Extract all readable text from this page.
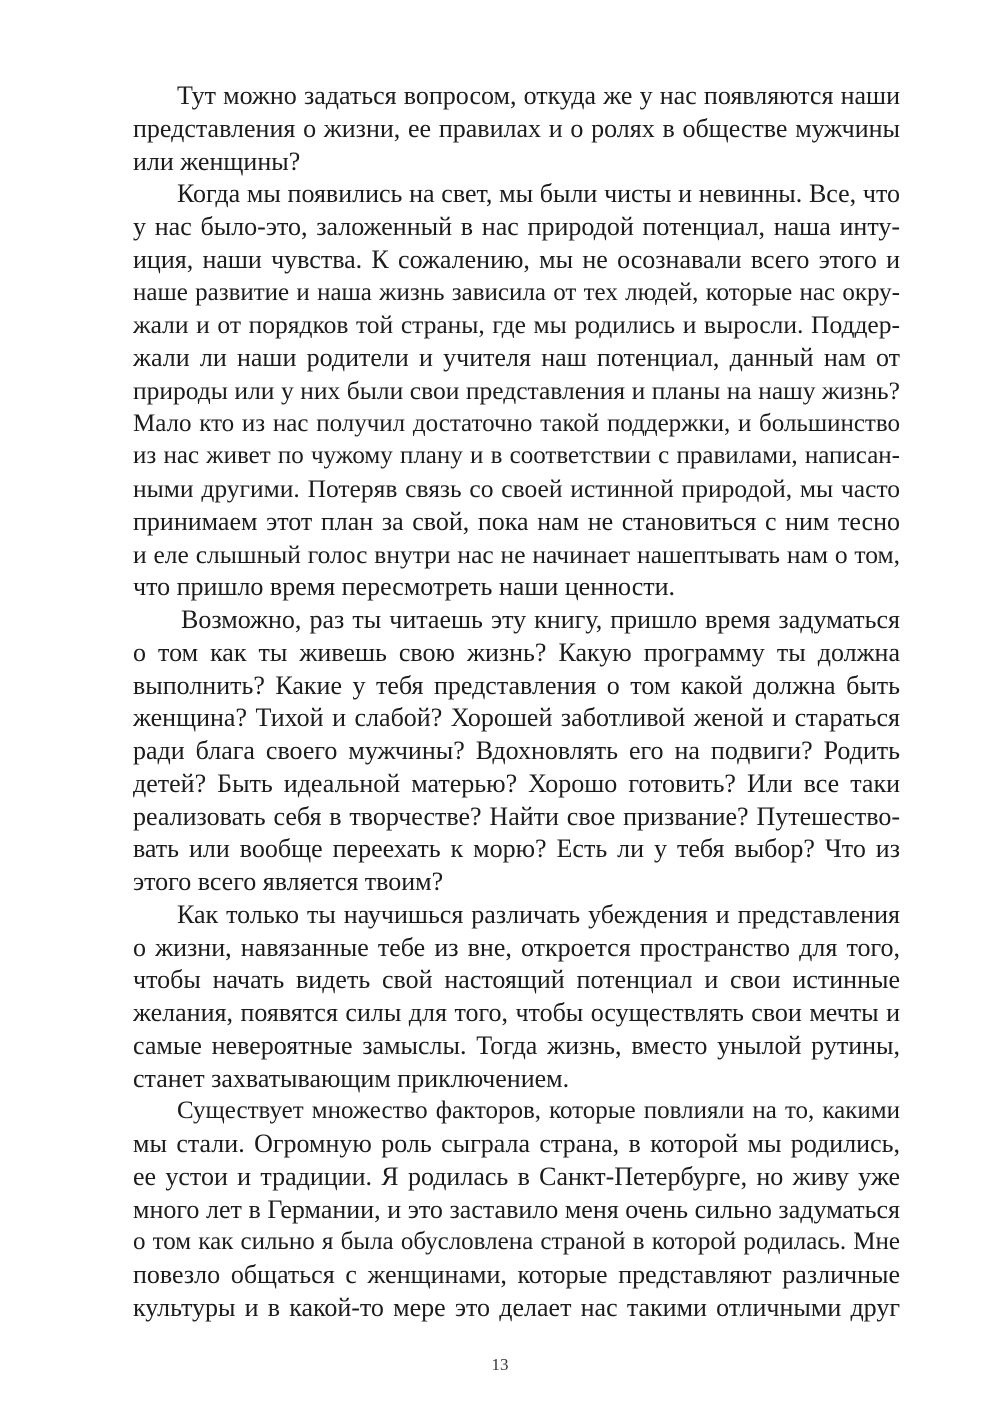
Тут можно задаться вопросом, откуда же у нас появляются наши
представления о жизни, ее правилах и о ролях в обществе мужчины
или женщины?
Когда мы появились на свет, мы были чисты и невинны. Все, что
у нас было-это, заложенный в нас природой потенциал, наша инту-
иция, наши чувства. К сожалению, мы не осознавали всего этого и
наше развитие и наша жизнь зависила от тех людей, которые нас окру-
жали и от порядков той страны, где мы родились и выросли. Поддер-
жали ли наши родители и учителя наш потенциал, данный нам от
природы или у них были свои представления и планы на нашу жизнь?
Мало кто из нас получил достаточно такой поддержки, и большинство
из нас живет по чужому плану и в соответствии с правилами, написан-
ными другими. Потеряв связь со своей истинной природой, мы часто
принимаем этот план за свой, пока нам не становиться с ним тесно
и еле слышный голос внутри нас не начинает нашептывать нам о том,
что пришло время пересмотреть наши ценности.
Возможно, раз ты читаешь эту книгу, пришло время задуматься
о том как ты живешь свою жизнь? Какую программу ты должна
выполнить? Какие у тебя представления о том какой должна быть
женщина? Тихой и слабой? Хорошей заботливой женой и стараться
ради блага своего мужчины? Вдохновлять его на подвиги? Родить
детей? Быть идеальной матерью? Хорошо готовить? Или все таки
реализовать себя в творчестве? Найти свое призвание? Путешество-
вать или вообще переехать к морю? Есть ли у тебя выбор? Что из
этого всего является твоим?
Как только ты научишься различать убеждения и представления
о жизни, навязанные тебе из вне, откроется пространство для того,
чтобы начать видеть свой настоящий потенциал и свои истинные
желания, появятся силы для того, чтобы осуществлять свои мечты и
самые невероятные замыслы. Тогда жизнь, вместо унылой рутины,
станет захватывающим приключением.
Существует множество факторов, которые повлияли на то, какими
мы стали. Огромную роль сыграла страна, в которой мы родились,
ее устои и традиции. Я родилась в Санкт-Петербурге, но живу уже
много лет в Германии, и это заставило меня очень сильно задуматься
о том как сильно я была обусловлена страной в которой родилась. Мне
повезло общаться с женщинами, которые представляют различные
культуры и в какой-то мере это делает нас такими отличными друг
13
